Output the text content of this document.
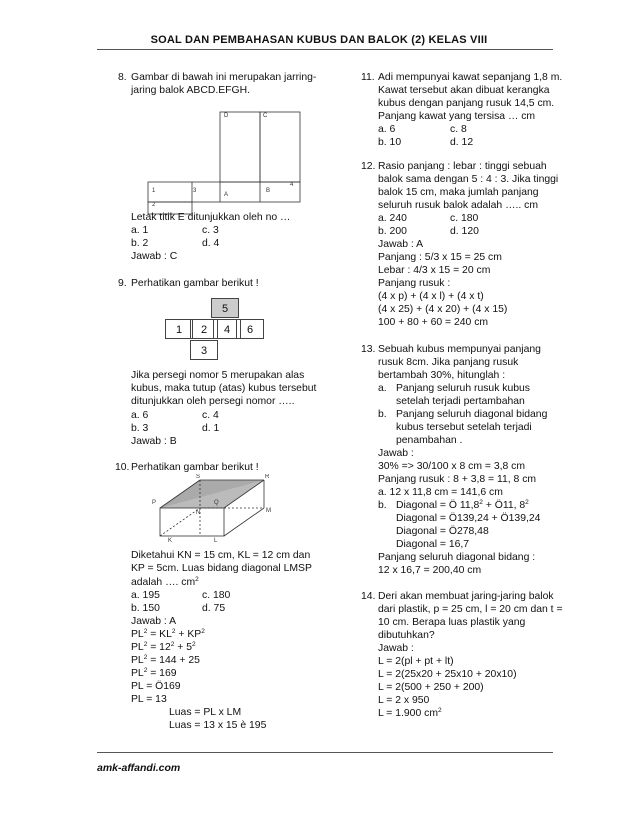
SOAL DAN PEMBAHASAN KUBUS DAN BALOK (2) KELAS VIII
amk-affandi.com
8. Gambar di bawah ini merupakan jarring-
jaring balok ABCD.EFGH.
D	C
A
B
1
2
3
4
Letak titik E ditunjukkan oleh no …
a. 1	c. 3
b. 2	d. 4
Jawab : C
9. Perhatikan gambar berikut !
5
1	2	4	6
3
Jika persegi nomor 5 merupakan alas
kubus, maka tutup (atas) kubus tersebut
ditunjukkan oleh persegi nomor …..
a. 6	c. 4
b. 3	d. 1
Jawab : B
10. Perhatikan gambar berikut !
S	R
P	Q
N	M
K	L
Diketahui KN = 15 cm, KL = 12 cm dan
KP = 5cm. Luas bidang diagonal LMSP
adalah …. $cm^2$
a. 195	c. 180
b. 150	d. 75
Jawab : A
$PL^2 = KL^2 + KP^2$
$PL^2 = 12^2 + 5^2$
$PL^2 = 144 + 25$
$PL^2 = 169$
PL = Ö169
PL = 13
Luas = PL x LM
Luas = 13 x 15 è 195
11. Adi mempunyai kawat sepanjang 1,8 m.
Kawat tersebut akan dibuat kerangka
kubus dengan panjang rusuk 14,5 cm.
Panjang kawat yang tersisa … cm
a. 6	c. 8
b. 10	d. 12
12. Rasio panjang : lebar : tinggi sebuah
balok sama dengan 5 : 4 : 3. Jika tinggi
balok 15 cm, maka jumlah panjang
seluruh rusuk balok adalah ….. cm
a. 240	c. 180
b. 200	d. 120
Jawab : A
Panjang : 5/3 x 15 = 25 cm
Lebar : 4/3 x 15 = 20 cm
Panjang rusuk :
(4 x p) + (4 x l) + (4 x t)
(4 x 25) + (4 x 20) + (4 x 15)
100 + 80 + 60 = 240 cm
13. Sebuah kubus mempunyai panjang
rusuk 8cm. Jika panjang rusuk
bertambah 30%, hitunglah :
a. Panjang seluruh rusuk kubus
setelah terjadi pertambahan
b. Panjang seluruh diagonal bidang
kubus tersebut setelah terjadi
penambahan .
Jawab :
30% => 30/100 x 8 cm = 3,8 cm
Panjang rusuk : 8 + 3,8 = 11, 8 cm
a. 12 x 11,8 cm = 141,6 cm
b. Diagonal = Ö $11,8^2$ + Ö11, $8^2$
Diagonal = Ö139,24 + Ö139,24
Diagonal = Ö278,48
Diagonal = 16,7
Panjang seluruh diagonal bidang :
12 x 16,7 = 200,40 cm
14. Deri akan membuat jaring-jaring balok
dari plastik, p = 25 cm, l = 20 cm dan t =
10 cm. Berapa luas plastik yang
dibutuhkan?
Jawab :
L = 2(pl + pt + lt)
L = 2(25x20 + 25x10 + 20x10)
L = 2(500 + 250 + 200)
L = 2 x 950
L = 1.900 $cm^2$
